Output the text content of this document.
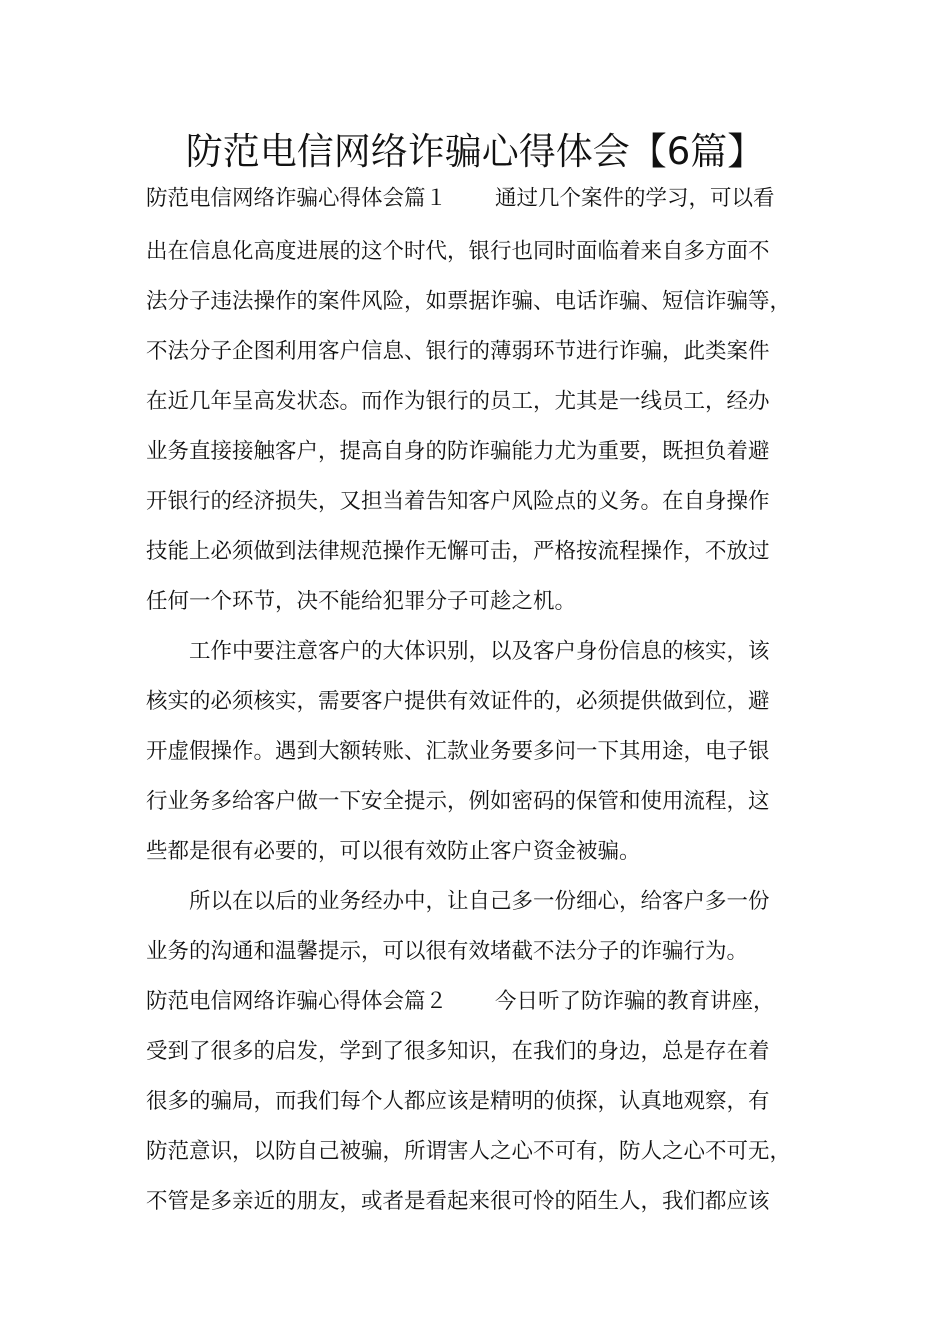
防范电信网络诈骗心得体会【6篇】

防范电信网络诈骗心得体会篇１ 通过几个案件的学习，可以看

出在信息化高度进展的这个时代，银行也同时面临着来自多方面不

法分子违法操作的案件风险，如票据诈骗、电话诈骗、短信诈骗等，

不法分子企图利用客户信息、银行的薄弱环节进行诈骗，此类案件

在近几年呈高发状态。而作为银行的员工，尤其是一线员工，经办

业务直接接触客户，提高自身的防诈骗能力尤为重要，既担负着避

开银行的经济损失，又担当着告知客户风险点的义务。在自身操作

技能上必须做到法律规范操作无懈可击，严格按流程操作，不放过

任何一个环节，决不能给犯罪分子可趁之机。

工作中要注意客户的大体识别，以及客户身份信息的核实，该

核实的必须核实，需要客户提供有效证件的，必须提供做到位，避

开虚假操作。遇到大额转账、汇款业务要多问一下其用途，电子银

行业务多给客户做一下安全提示，例如密码的保管和使用流程，这

些都是很有必要的，可以很有效防止客户资金被骗。

所以在以后的业务经办中，让自己多一份细心，给客户多一份

业务的沟通和温馨提示，可以很有效堵截不法分子的诈骗行为。

防范电信网络诈骗心得体会篇２ 今日听了防诈骗的教育讲座，

受到了很多的启发，学到了很多知识，在我们的身边，总是存在着

很多的骗局，而我们每个人都应该是精明的侦探，认真地观察，有

防范意识，以防自己被骗，所谓害人之心不可有，防人之心不可无，

不管是多亲近的朋友，或者是看起来很可怜的陌生人，我们都应该
